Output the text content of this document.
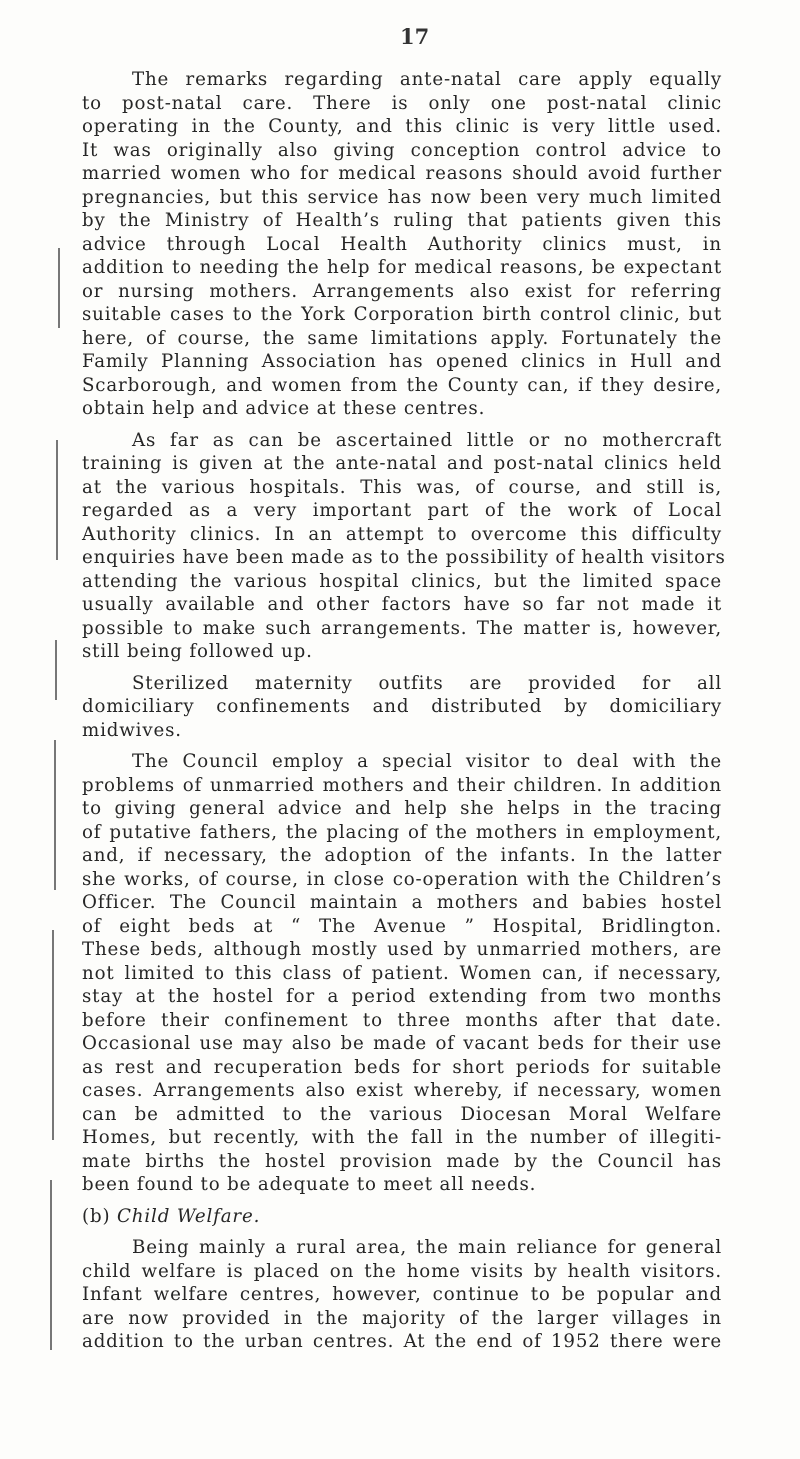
17
The remarks regarding ante-natal care apply equally
to post-natal care. There is only one post-natal clinic
operating in the County, and this clinic is very little used.
It was originally also giving conception control advice to
married women who for medical reasons should avoid further
pregnancies, but this service has now been very much limited
by the Ministry of Health’s ruling that patients given this
advice through Local Health Authority clinics must, in
addition to needing the help for medical reasons, be expectant
or nursing mothers. Arrangements also exist for referring
suitable cases to the York Corporation birth control clinic, but
here, of course, the same limitations apply. Fortunately the
Family Planning Association has opened clinics in Hull and
Scarborough, and women from the County can, if they desire,
obtain help and advice at these centres.
As far as can be ascertained little or no mothercraft
training is given at the ante-natal and post-natal clinics held
at the various hospitals. This was, of course, and still is,
regarded as a very important part of the work of Local
Authority clinics. In an attempt to overcome this difficulty
enquiries have been made as to the possibility of health visitors
attending the various hospital clinics, but the limited space
usually available and other factors have so far not made it
possible to make such arrangements. The matter is, however,
still being followed up.
Sterilized maternity outfits are provided for all
domiciliary confinements and distributed by domiciliary
midwives.
The Council employ a special visitor to deal with the
problems of unmarried mothers and their children. In addition
to giving general advice and help she helps in the tracing
of putative fathers, the placing of the mothers in employment,
and, if necessary, the adoption of the infants. In the latter
she works, of course, in close co-operation with the Children’s
Officer. The Council maintain a mothers and babies hostel
of eight beds at “ The Avenue ” Hospital, Bridlington.
These beds, although mostly used by unmarried mothers, are
not limited to this class of patient. Women can, if necessary,
stay at the hostel for a period extending from two months
before their confinement to three months after that date.
Occasional use may also be made of vacant beds for their use
as rest and recuperation beds for short periods for suitable
cases. Arrangements also exist whereby, if necessary, women
can be admitted to the various Diocesan Moral Welfare
Homes, but recently, with the fall in the number of illegiti-
mate births the hostel provision made by the Council has
been found to be adequate to meet all needs.
(b) Child Welfare.
Being mainly a rural area, the main reliance for general
child welfare is placed on the home visits by health visitors.
Infant welfare centres, however, continue to be popular and
are now provided in the majority of the larger villages in
addition to the urban centres. At the end of 1952 there were
